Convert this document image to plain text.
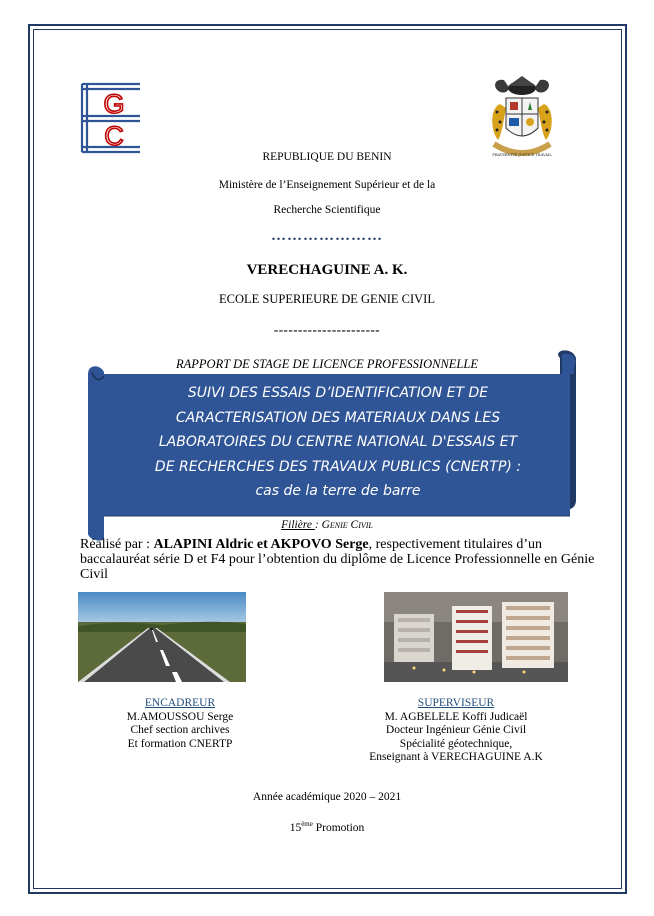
G
C
FRATERNITÉ JUSTICE TRAVAIL
REPUBLIQUE DU BENIN
Ministère de l’Enseignement Supérieur et de la
Recherche Scientifique
…………………
VERECHAGUINE A. K.
ECOLE SUPERIEURE DE GENIE CIVIL
----------------------
RAPPORT DE STAGE DE LICENCE PROFESSIONNELLE
SUIVI DES ESSAIS D’IDENTIFICATION ET DE
CARACTERISATION DES MATERIAUX DANS LES
LABORATOIRES DU CENTRE NATIONAL D'ESSAIS ET
DE RECHERCHES DES TRAVAUX PUBLICS (CNERTP) :
cas de la terre de barre
Filière : Genie Civil
Réalisé par : ALAPINI Aldric et AKPOVO Serge, respectivement titulaires d’un baccalauréat série D et F4 pour l’obtention du diplôme de Licence Professionnelle en Génie Civil
ENCADREUR
M.AMOUSSOU Serge
Chef section archives
Et formation CNERTP
SUPERVISEUR
M. AGBELELE Koffi Judicaël
Docteur Ingénieur Génie Civil
Spécialité géotechnique,
Enseignant à VERECHAGUINE A.K
Année académique 2020 – 2021
15ème Promotion
